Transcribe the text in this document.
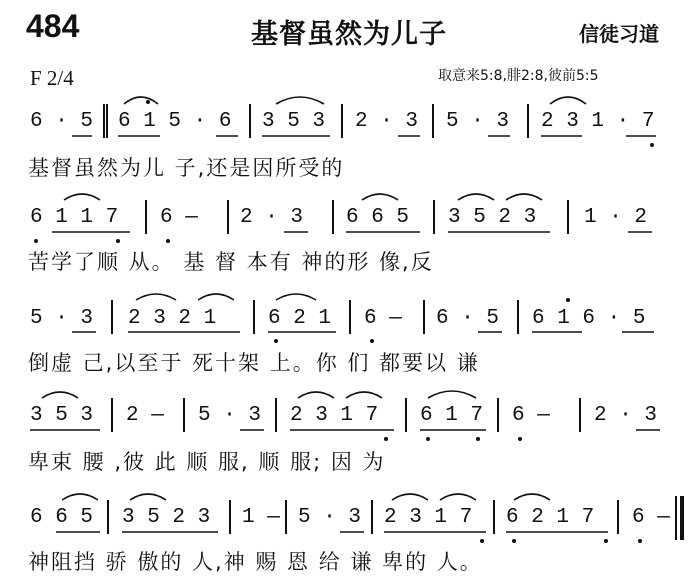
484	基督虽然为儿子	信徒习道
F 2/4	取意来5:8,腓2:8,彼前5:5
6 · 5 6 1 5 · 6 3 5 3 2 · 3 5 · 3 2 3 1 · 7
基督虽然为儿 子,还是因所受的
6 1 1 7 6 — 2 · 3 6 6 5 3 5 2 3 1 · 2
苦学了顺 从。 基 督 本有 神的形 像,反
5 · 3 2 3 2 1 6 2 1 6 — 6 · 5 6 1 6 · 5
倒虚 己,以至于 死十架 上。你 们 都要以 谦
3 5 3 2 — 5 · 3 2 3 1 7 6 1 7 6 — 2 · 3
卑束 腰 ,彼 此 顺 服, 顺 服; 因 为
6 6 5 3 5 2 3 1 — 5 · 3 2 3 1 7 6 2 1 7 6 —
神阻挡 骄 傲的 人,神 赐 恩 给 谦 卑的 人。
